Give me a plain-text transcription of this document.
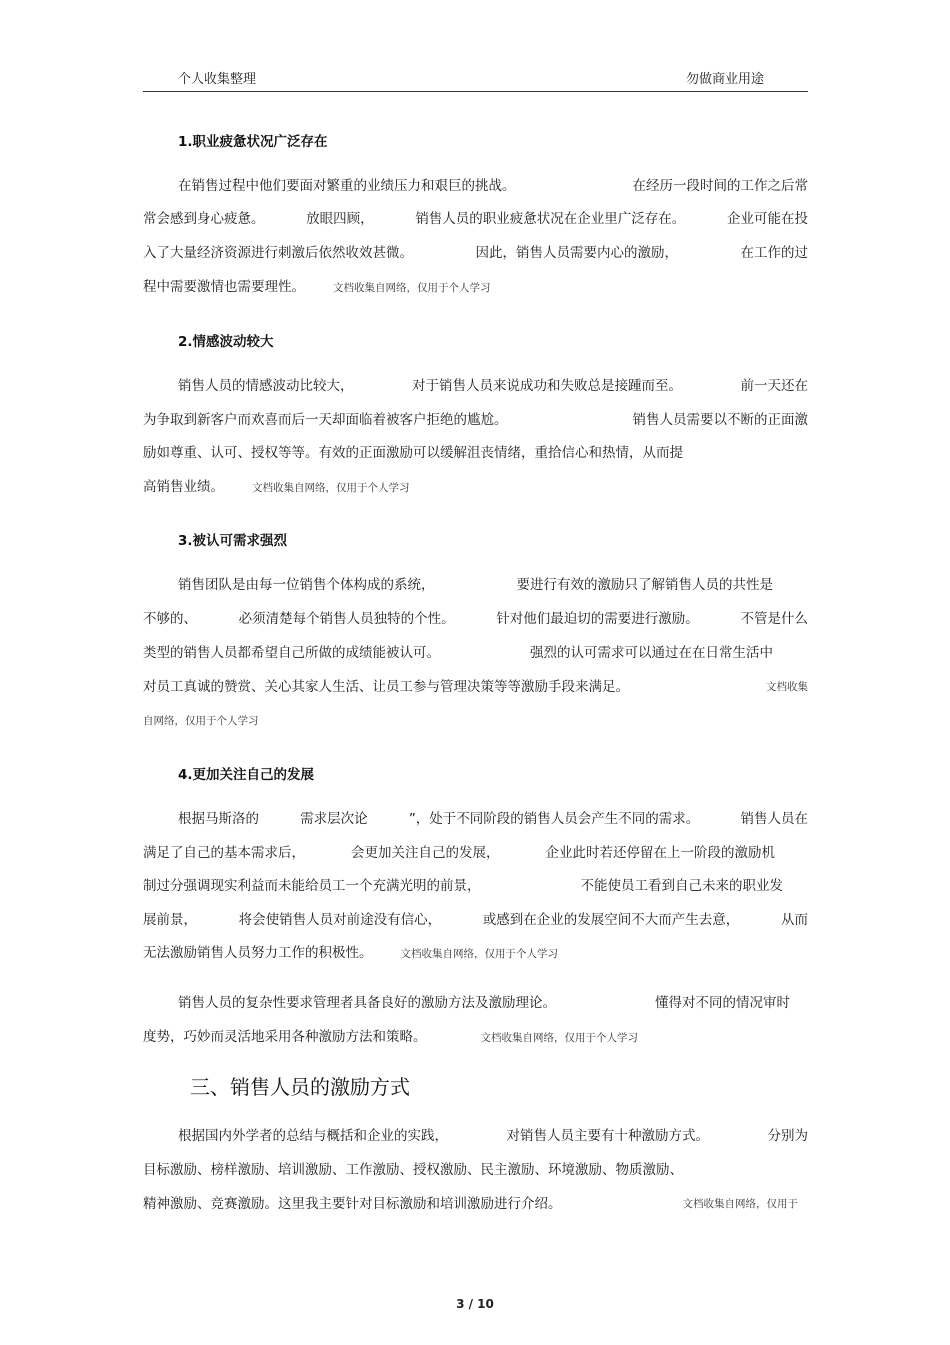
个人收集整理	勿做商业用途
1.职业疲惫状况广泛存在
在销售过程中他们要面对繁重的业绩压力和艰巨的挑战。	在经历一段时间的工作之后常
常会感到身心疲惫。	放眼四顾，	销售人员的职业疲惫状况在企业里广泛存在。	企业可能在投
入了大量经济资源进行刺激后依然收效甚微。	因此，销售人员需要内心的激励，	在工作的过
程中需要激情也需要理性。	文档收集自网络，仅用于个人学习
2.情感波动较大
销售人员的情感波动比较大，	对于销售人员来说成功和失败总是接踵而至。	前一天还在
为争取到新客户而欢喜而后一天却面临着被客户拒绝的尴尬。	销售人员需要以不断的正面激
励如尊重、认可、授权等等。有效的正面激励可以缓解沮丧情绪，重拾信心和热情，从而提
高销售业绩。	文档收集自网络，仅用于个人学习
3.被认可需求强烈
销售团队是由每一位销售个体构成的系统，	要进行有效的激励只了解销售人员的共性是
不够的、	必须清楚每个销售人员独特的个性。	针对他们最迫切的需要进行激励。	不管是什么
类型的销售人员都希望自己所做的成绩能被认可。	强烈的认可需求可以通过在在日常生活中
对员工真诚的赞赏、关心其家人生活、让员工参与管理决策等等激励手段来满足。	文档收集
自网络，仅用于个人学习
4.更加关注自己的发展
根据马斯洛的	需求层次论	”，处于不同阶段的销售人员会产生不同的需求。	销售人员在
满足了自己的基本需求后，	会更加关注自己的发展，	企业此时若还停留在上一阶段的激励机
制过分强调现实利益而未能给员工一个充满光明的前景，	不能使员工看到自己未来的职业发
展前景，	将会使销售人员对前途没有信心，	或感到在企业的发展空间不大而产生去意，	从而
无法激励销售人员努力工作的积极性。	文档收集自网络，仅用于个人学习
销售人员的复杂性要求管理者具备良好的激励方法及激励理论。	懂得对不同的情况审时
度势，巧妙而灵活地采用各种激励方法和策略。	文档收集自网络，仅用于个人学习
三、销售人员的激励方式
根据国内外学者的总结与概括和企业的实践，	对销售人员主要有十种激励方式。	分别为
目标激励、榜样激励、培训激励、工作激励、授权激励、民主激励、环境激励、物质激励、
精神激励、竞赛激励。这里我主要针对目标激励和培训激励进行介绍。	文档收集自网络，仅用于
3 / 10
